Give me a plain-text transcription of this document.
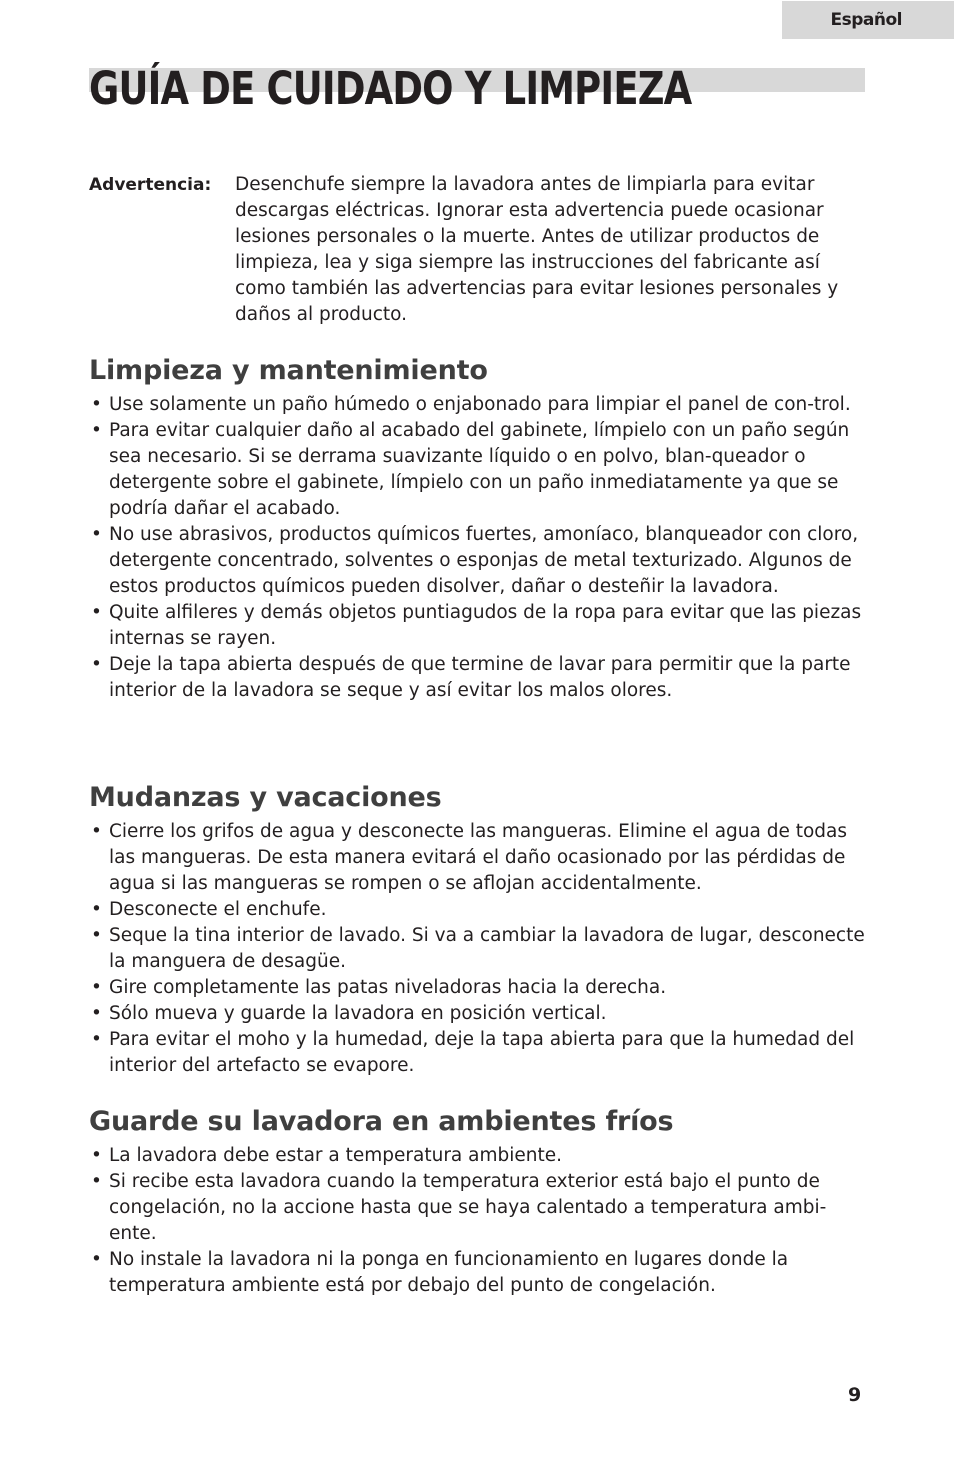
Español
GUÍA DE CUIDADO Y LIMPIEZA
Advertencia: Desenchufe siempre la lavadora antes de limpiarla para evitar descargas eléctricas. Ignorar esta advertencia puede ocasionar lesiones personales o la muerte. Antes de utilizar productos de limpieza, lea y siga siempre las instrucciones del fabricante así como también las advertencias para evitar lesiones personales y daños al producto.

Limpieza y mantenimiento
• Use solamente un paño húmedo o enjabonado para limpiar el panel de con-trol.
• Para evitar cualquier daño al acabado del gabinete, límpielo con un paño según sea necesario. Si se derrama suavizante líquido o en polvo, blan-queador o detergente sobre el gabinete, límpielo con un paño inmediatamente ya que se podría dañar el acabado.
• No use abrasivos, productos químicos fuertes, amoníaco, blanqueador con cloro, detergente concentrado, solventes o esponjas de metal texturizado. Algunos de estos productos químicos pueden disolver, dañar o desteñir la lavadora.
• Quite alfileres y demás objetos puntiagudos de la ropa para evitar que las piezas internas se rayen.
• Deje la tapa abierta después de que termine de lavar para permitir que la parte interior de la lavadora se seque y así evitar los malos olores.
Mudanzas y vacaciones
• Cierre los grifos de agua y desconecte las mangueras. Elimine el agua de todas las mangueras. De esta manera evitará el daño ocasionado por las pérdidas de agua si las mangueras se rompen o se aflojan accidentalmente.
• Desconecte el enchufe.
• Seque la tina interior de lavado. Si va a cambiar la lavadora de lugar, desconecte la manguera de desagüe.
• Gire completamente las patas niveladoras hacia la derecha.
• Sólo mueva y guarde la lavadora en posición vertical.
• Para evitar el moho y la humedad, deje la tapa abierta para que la humedad del interior del artefacto se evapore.
Guarde su lavadora en ambientes fríos
• La lavadora debe estar a temperatura ambiente.
• Si recibe esta lavadora cuando la temperatura exterior está bajo el punto de congelación, no la accione hasta que se haya calentado a temperatura ambi-ente.
• No instale la lavadora ni la ponga en funcionamiento en lugares donde la temperatura ambiente está por debajo del punto de congelación.
9
